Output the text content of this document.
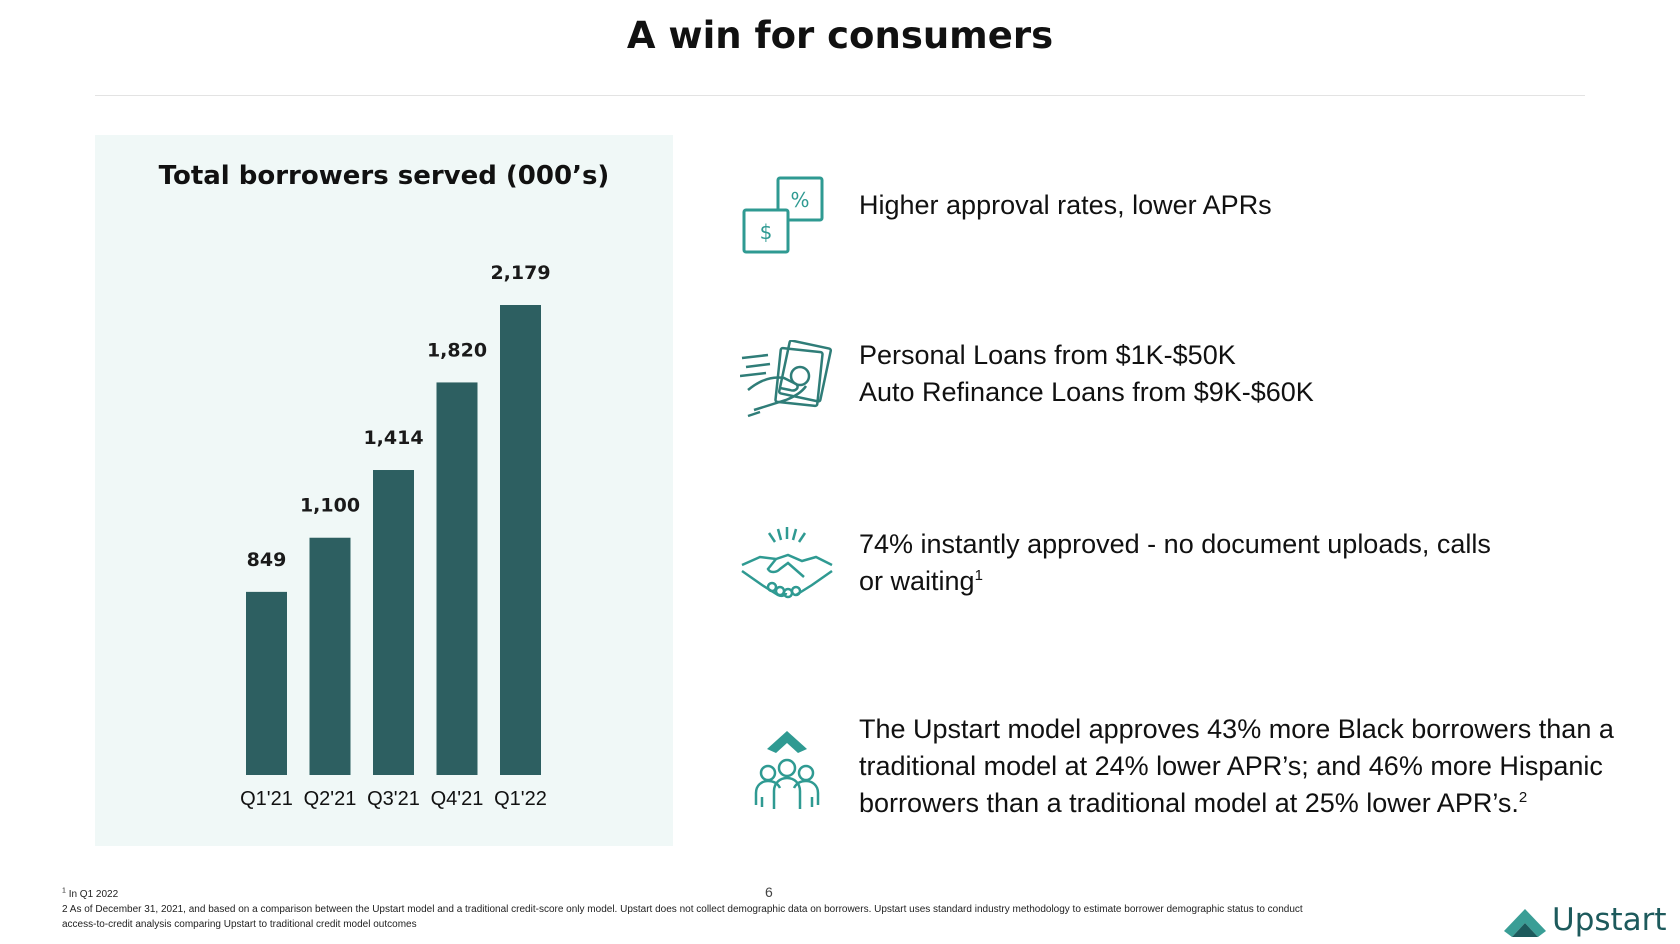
A win for consumers
849
Q1'21
1,100
Q2'21
1,414
Q3'21
1,820
Q4'21
2,179
Q1'22
Total borrowers served (000’s)
%
$
Higher approval rates, lower APRs
Personal Loans from $1K-$50K
Auto Refinance Loans from $9K-$60K
74% instantly approved - no document uploads, calls
or waiting$^1$
The Upstart model approves 43% more Black borrowers than a
traditional model at 24% lower APR’s; and 46% more Hispanic
borrowers than a traditional model at 25% lower APR’s.$^2$
$^1$ In Q1 2022
2 As of December 31, 2021, and based on a comparison between the Upstart model and a traditional credit-score only model. Upstart does not collect demographic data on borrowers. Upstart uses standard industry methodology to estimate borrower demographic status to conduct
access-to-credit analysis comparing Upstart to traditional credit model outcomes
6
Upstart
